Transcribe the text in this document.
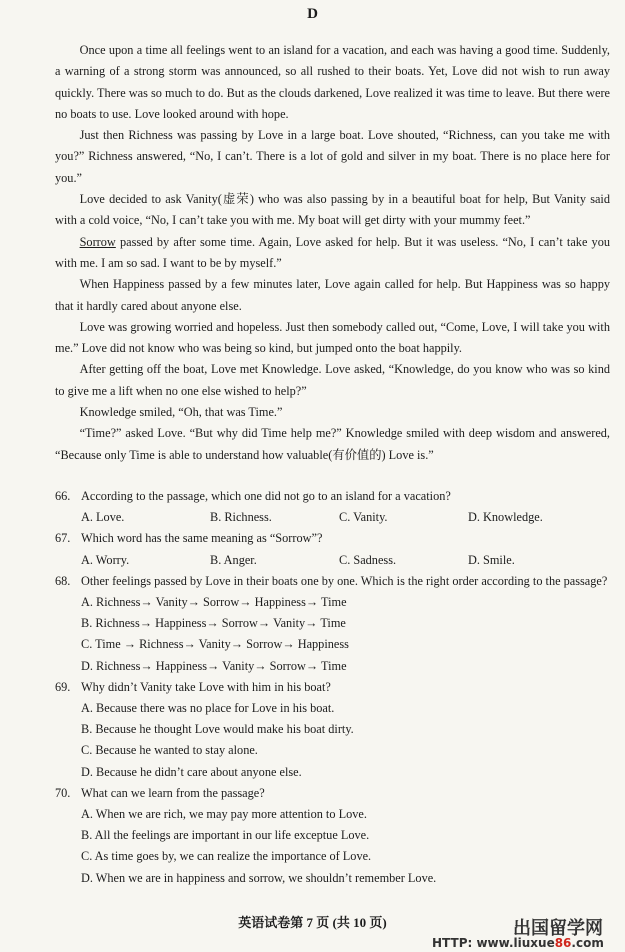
D

Once upon a time all feelings went to an island for a vacation, and each was having a good time. Suddenly, a warning of a strong storm was announced, so all rushed to their boats. Yet, Love did not wish to run away quickly. There was so much to do. But as the clouds darkened, Love realized it was time to leave. But there were no boats to use. Love looked around with hope.

Just then Richness was passing by Love in a large boat. Love shouted, “Richness, can you take me with you?” Richness answered, “No, I can’t. There is a lot of gold and silver in my boat. There is no place here for you.”

Love decided to ask Vanity(虚荣) who was also passing by in a beautiful boat for help, But Vanity said with a cold voice, “No, I can’t take you with me. My boat will get dirty with your mummy feet.”

Sorrow passed by after some time. Again, Love asked for help. But it was useless. “No, I can’t take you with me. I am so sad. I want to be by myself.”

When Happiness passed by a few minutes later, Love again called for help. But Happiness was so happy that it hardly cared about anyone else.

Love was growing worried and hopeless. Just then somebody called out, “Come, Love, I will take you with me.” Love did not know who was being so kind, but jumped onto the boat happily.

After getting off the boat, Love met Knowledge. Love asked, “Knowledge, do you know who was so kind to give me a lift when no one else wished to help?”

Knowledge smiled, “Oh, that was Time.”

“Time?” asked Love. “But why did Time help me?” Knowledge smiled with deep wisdom and answered, “Because only Time is able to understand how valuable(有价值的) Love is.”

66. According to the passage, which one did not go to an island for a vacation?
A. Love.	B. Richness.	C. Vanity.	D. Knowledge.
67. Which word has the same meaning as “Sorrow”?
A. Worry.	B. Anger.	C. Sadness.	D. Smile.
68. Other feelings passed by Love in their boats one by one. Which is the right order according to the passage?
A. Richness→ Vanity→ Sorrow→ Happiness→ Time
B. Richness→ Happiness→ Sorrow→ Vanity→ Time
C. Time → Richness→ Vanity→ Sorrow→ Happiness
D. Richness→ Happiness→ Vanity→ Sorrow→ Time
69. Why didn’t Vanity take Love with him in his boat?
A. Because there was no place for Love in his boat.
B. Because he thought Love would make his boat dirty.
C. Because he wanted to stay alone.
D. Because he didn’t care about anyone else.
70. What can we learn from the passage?
A. When we are rich, we may pay more attention to Love.
B. All the feelings are important in our life exceptue Love.
C. As time goes by, we can realize the importance of Love.
D. When we are in happiness and sorrow, we shouldn’t remember Love.
英语试卷第 7 页 (共 10 页)	出国留学网
HTTP: www.liuxue86.com
